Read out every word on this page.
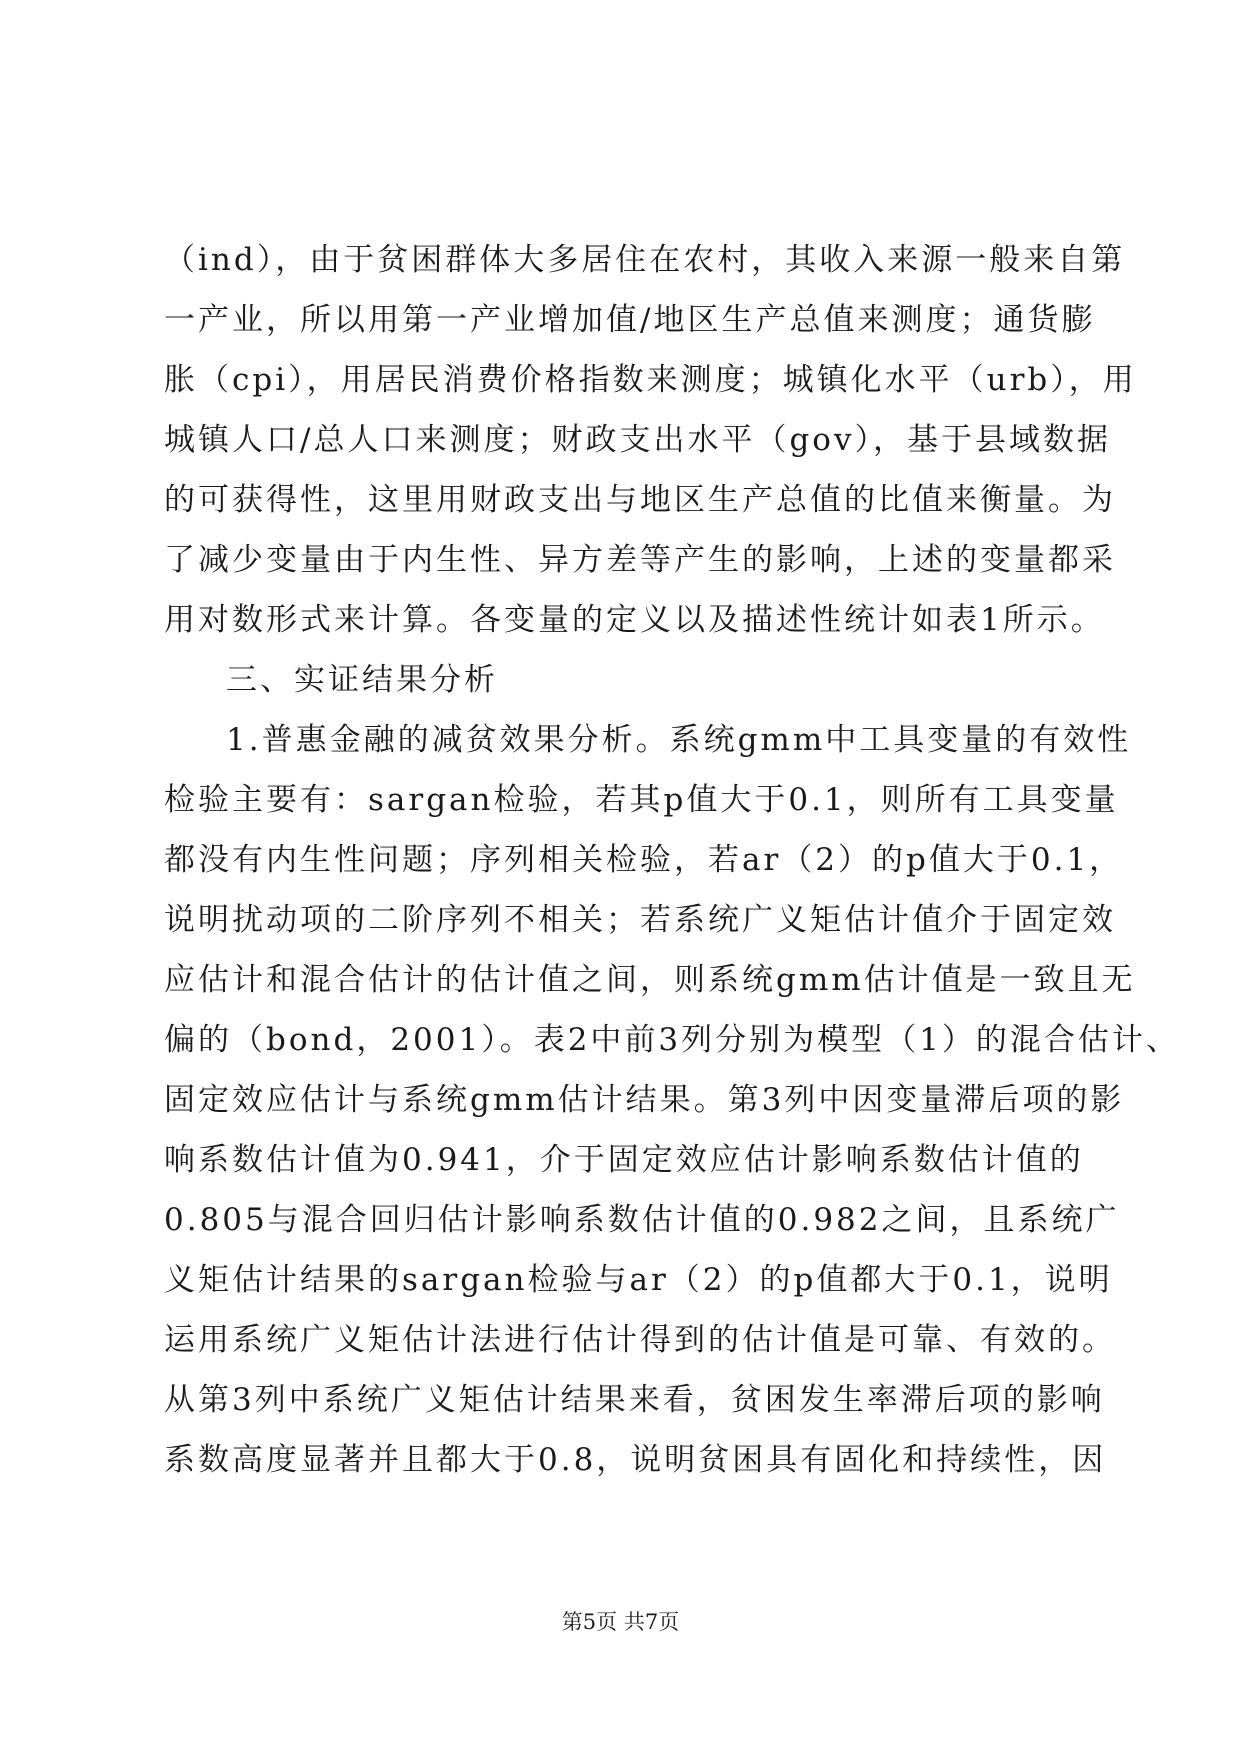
（ind），由于贫困群体大多居住在农村，其收入来源一般来自第
一产业，所以用第一产业增加值/地区生产总值来测度；通货膨
胀（cpi），用居民消费价格指数来测度；城镇化水平（urb），用
城镇人口/总人口来测度；财政支出水平（gov），基于县域数据
的可获得性，这里用财政支出与地区生产总值的比值来衡量。为
了减少变量由于内生性、异方差等产生的影响，上述的变量都采
用对数形式来计算。各变量的定义以及描述性统计如表1所示。
三、实证结果分析
1.普惠金融的减贫效果分析。系统gmm中工具变量的有效性
检验主要有：sargan检验，若其p值大于0.1，则所有工具变量
都没有内生性问题；序列相关检验，若ar（2）的p值大于0.1，
说明扰动项的二阶序列不相关；若系统广义矩估计值介于固定效
应估计和混合估计的估计值之间，则系统gmm估计值是一致且无
偏的（bond，2001）。表2中前3列分别为模型（1）的混合估计、
固定效应估计与系统gmm估计结果。第3列中因变量滞后项的影
响系数估计值为0.941，介于固定效应估计影响系数估计值的
0.805与混合回归估计影响系数估计值的0.982之间，且系统广
义矩估计结果的sargan检验与ar（2）的p值都大于0.1，说明
运用系统广义矩估计法进行估计得到的估计值是可靠、有效的。
从第3列中系统广义矩估计结果来看，贫困发生率滞后项的影响
系数高度显著并且都大于0.8，说明贫困具有固化和持续性，因
第5页 共7页
